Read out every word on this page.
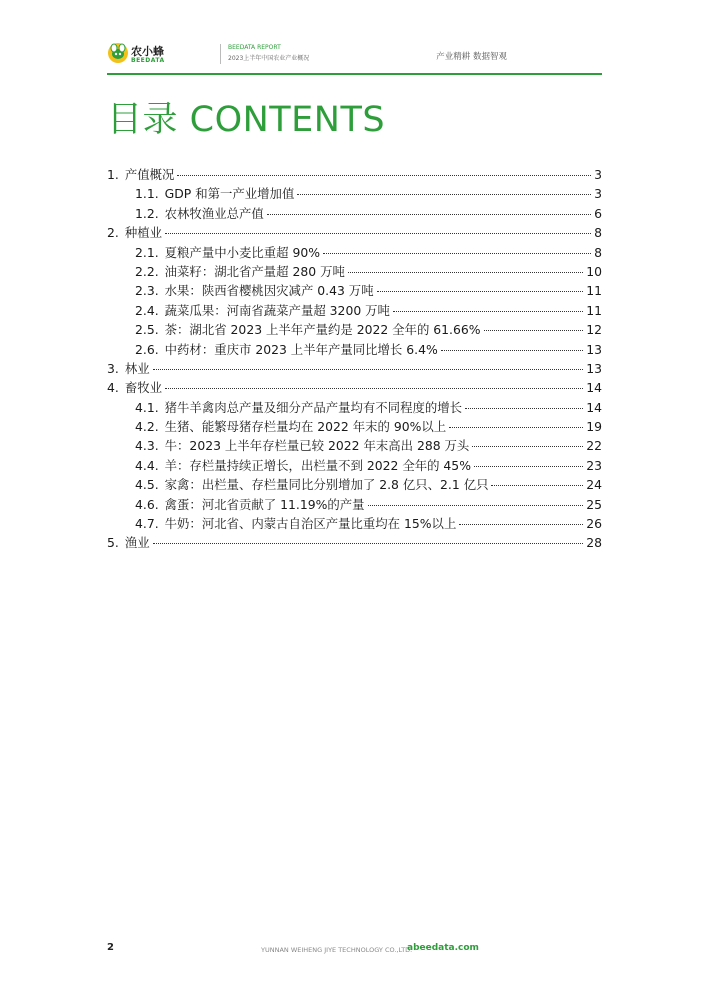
农小蜂
BEEDATA
BEEDATA REPORT
2023上半年中国农业产业概况	产业精耕 数据智观
目录 CONTENTS
1. 产值概况	3
1.1. GDP 和第一产业增加值	3
1.2. 农林牧渔业总产值	6
2. 种植业	8
2.1. 夏粮产量中小麦比重超 90%	8
2.2. 油菜籽：湖北省产量超 280 万吨	10
2.3. 水果：陕西省樱桃因灾减产 0.43 万吨	11
2.4. 蔬菜瓜果：河南省蔬菜产量超 3200 万吨	11
2.5. 茶：湖北省 2023 上半年产量约是 2022 全年的 61.66%	12
2.6. 中药材：重庆市 2023 上半年产量同比增长 6.4%	13
3. 林业	13
4. 畜牧业	14
4.1. 猪牛羊禽肉总产量及细分产品产量均有不同程度的增长	14
4.2. 生猪、能繁母猪存栏量均在 2022 年末的 90%以上	19
4.3. 牛：2023 上半年存栏量已较 2022 年末高出 288 万头	22
4.4. 羊：存栏量持续正增长，出栏量不到 2022 全年的 45%	23
4.5. 家禽：出栏量、存栏量同比分别增加了 2.8 亿只、2.1 亿只	24
4.6. 禽蛋：河北省贡献了 11.19%的产量	25
4.7. 牛奶：河北省、内蒙古自治区产量比重均在 15%以上	26
5. 渔业	28
2	YUNNAN WEIHENG JIYE TECHNOLOGY CO.,LTD.
abeedata.com
